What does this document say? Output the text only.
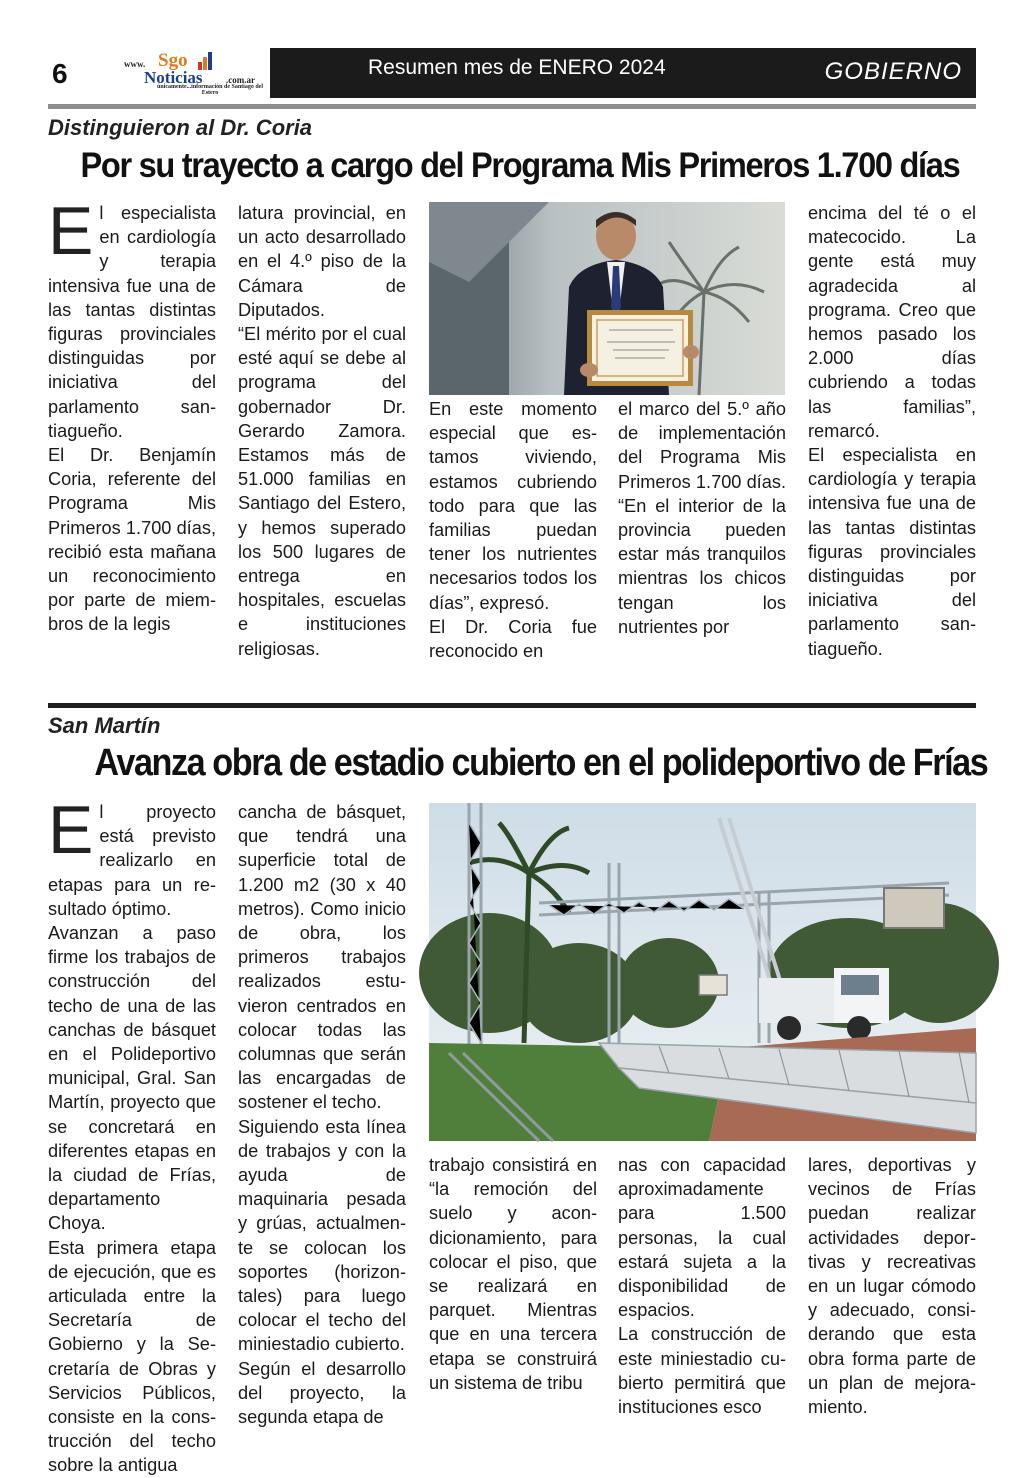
6	www. Sgo
Noticias	.com.ar
únicamente...información de Santiago del Estero
Resumen mes de ENERO 2024	GOBIERNO
Distinguieron al Dr. Coria
Por su trayecto a cargo del Programa Mis Primeros 1.700 días
E l especialista en cardiología y terapia intensiva fue una de las tantas distintas figuras provinciales distinguidas por iniciativa del parlamento santiagueño.

El Dr. Benjamín Coria, referente del Programa Mis Primeros 1.700 días, recibió esta mañana un reconocimiento por parte de miembros de la legis

latura provincial, en un acto desarrollado en el 4.º piso de la Cámara de Diputados.

“El mérito por el cual esté aquí se debe al programa del gobernador Dr. Gerardo Zamora. Estamos más de 51.000 familias en Santiago del Estero, y hemos superado los 500 lugares de entrega en hospitales, escuelas e instituciones religiosas.

En este momento especial que estamos viviendo, estamos cubriendo todo para que las familias puedan tener los nutrientes necesarios todos los días”, expresó.

El Dr. Coria fue reconocido en

el marco del 5.º año de implementación del Programa Mis Primeros 1.700 días. “En el interior de la provincia pueden estar más tranquilos mientras los chicos tengan los nutrientes por

encima del té o el matecocido. La gente está muy agradecida al programa. Creo que hemos pasado los 2.000 días cubriendo a todas las familias”, remarcó.

El especialista en cardiología y terapia intensiva fue una de las tantas distintas figuras provinciales distinguidas por iniciativa del parlamento santiagueño.

San Martín
Avanza obra de estadio cubierto en el polideportivo de Frías
E l proyecto está previsto realizarlo en etapas para un resultado óptimo.

Avanzan a paso firme los trabajos de construcción del techo de una de las canchas de básquet en el Polideportivo municipal, Gral. San Martín, proyecto que se concretará en diferentes etapas en la ciudad de Frías, departamento Choya.

Esta primera etapa de ejecución, que es articulada entre la Secretaría de Gobierno y la Secretaría de Obras y Servicios Públicos, consiste en la construcción del techo sobre la antigua

cancha de básquet, que tendrá una superficie total de 1.200 m2 (30 x 40 metros). Como inicio de obra, los primeros trabajos realizados estuvieron centrados en colocar todas las columnas que serán las encargadas de sostener el techo.

Siguiendo esta línea de trabajos y con la ayuda de maquinaria pesada y grúas, actualmente se colocan los soportes (horizontales) para luego colocar el techo del miniestadio cubierto.

Según el desarrollo del proyecto, la segunda etapa de

trabajo consistirá en “la remoción del suelo y acondicionamiento, para colocar el piso, que se realizará en parquet. Mientras que en una tercera etapa se construirá un sistema de tribu

nas con capacidad aproximadamente para 1.500 personas, la cual estará sujeta a la disponibilidad de espacios.

La construcción de este miniestadio cubierto permitirá que instituciones esco

lares, deportivas y vecinos de Frías puedan realizar actividades deportivas y recreativas en un lugar cómodo y adecuado, considerando que esta obra forma parte de un plan de mejoramiento.
